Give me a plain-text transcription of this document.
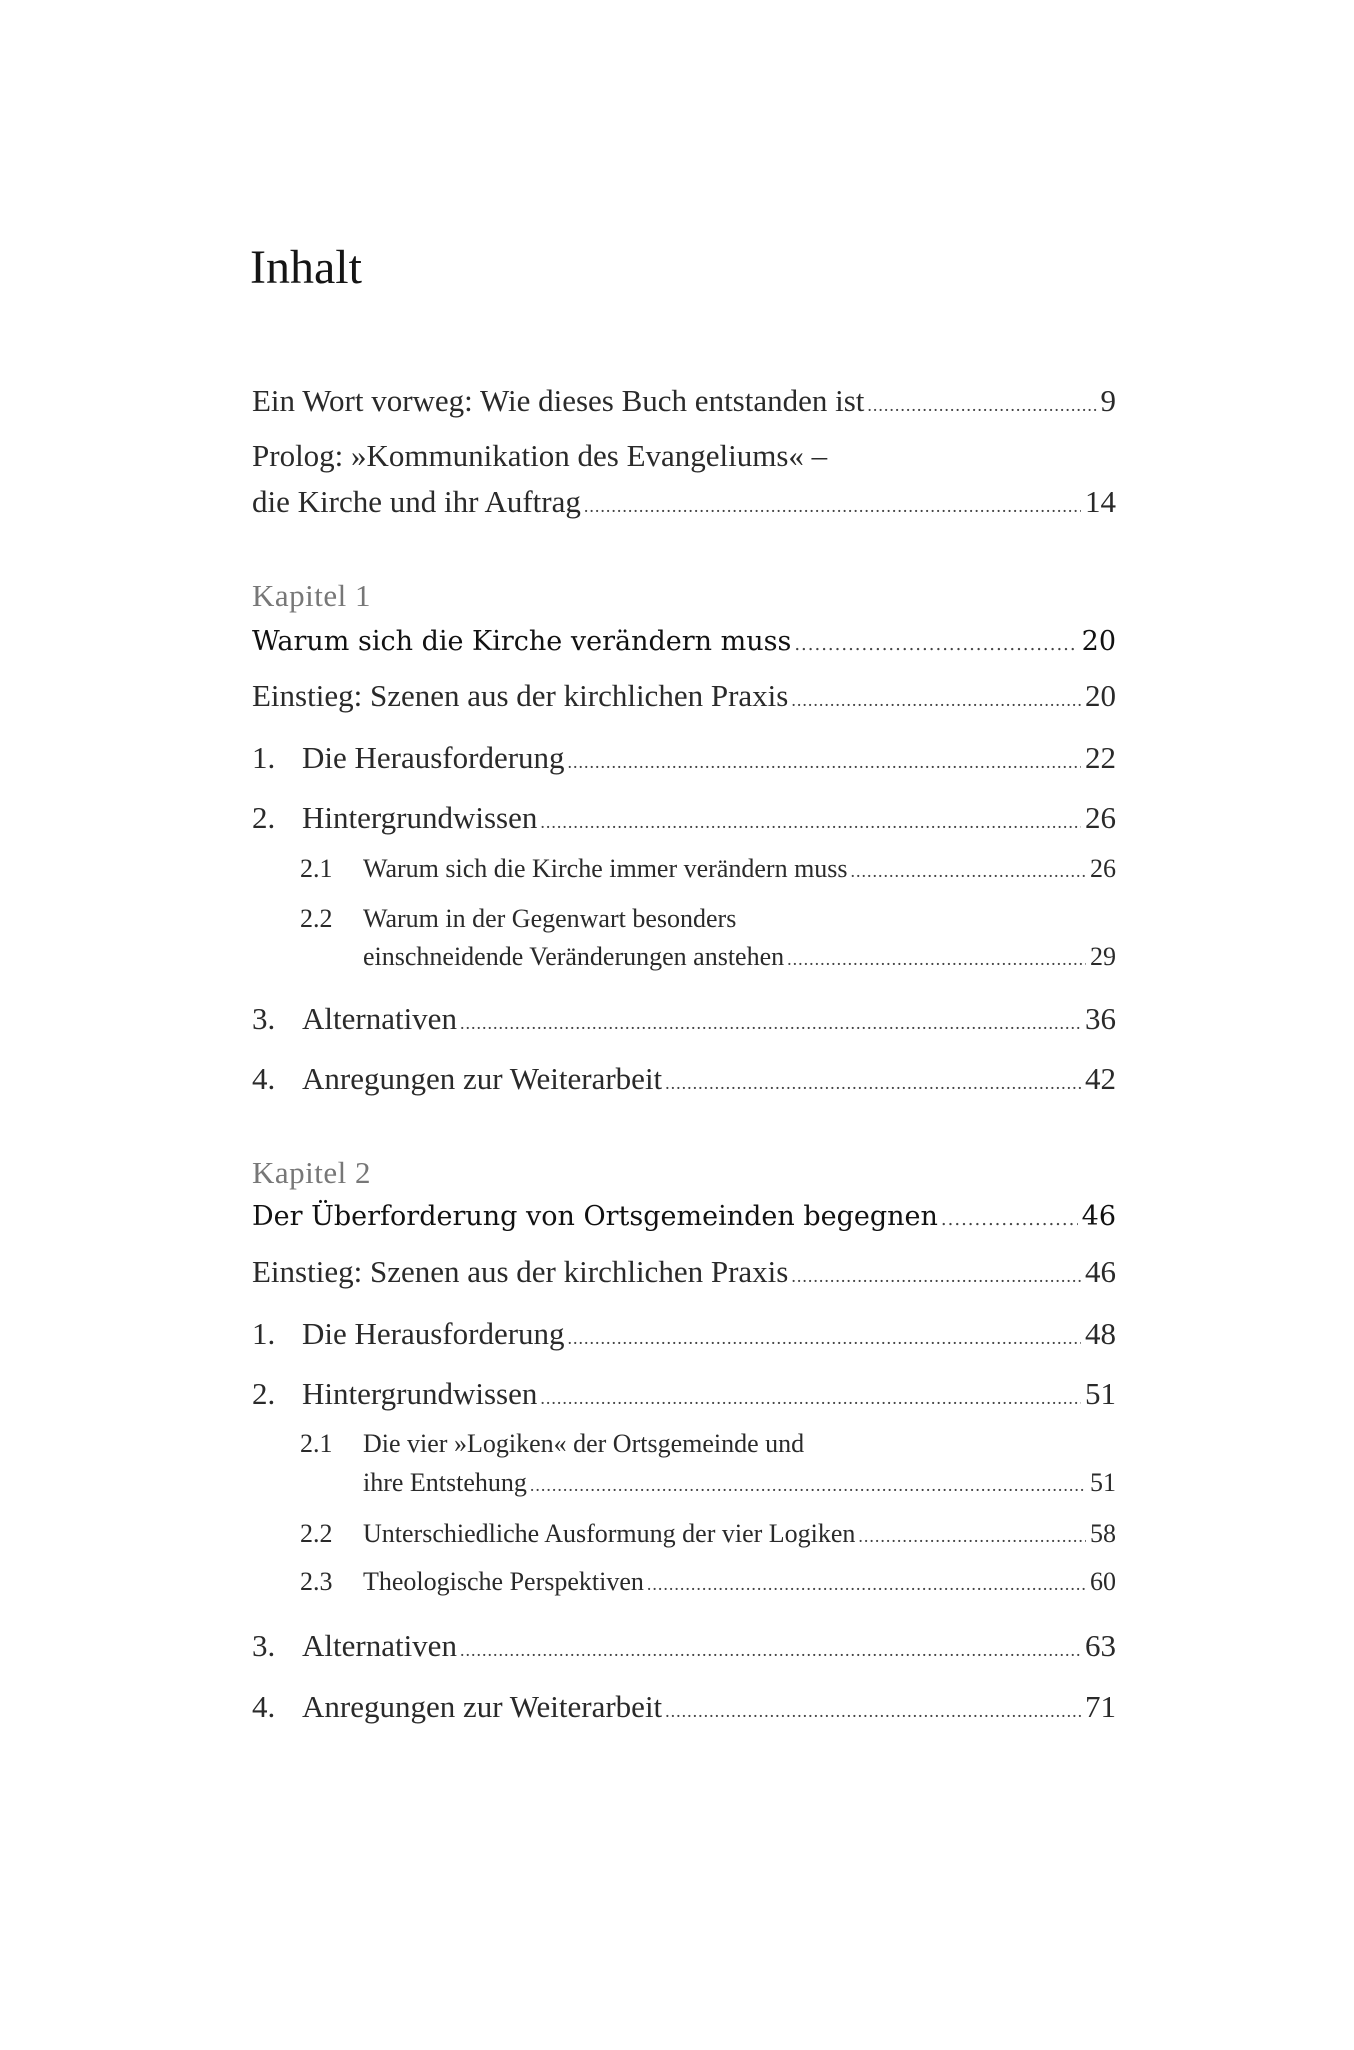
Inhalt
Ein Wort vorweg: Wie dieses Buch entstanden ist .....	9
Prolog: »Kommunikation des Evangeliums« –
die Kirche und ihr Auftrag .....	14
Kapitel 1
Warum sich die Kirche verändern muss .....	20
Einstieg: Szenen aus der kirchlichen Praxis .....	20
1. Die Herausforderung .....	22
2. Hintergrundwissen .....	26
2.1	Warum sich die Kirche immer verändern muss .....	26
2.2	Warum in der Gegenwart besonders
einschneidende Veränderungen anstehen .....	29
3. Alternativen .....	36
4. Anregungen zur Weiterarbeit .....	42
Kapitel 2
Der Überforderung von Ortsgemeinden begegnen .....	46
Einstieg: Szenen aus der kirchlichen Praxis .....	46
1. Die Herausforderung .....	48
2. Hintergrundwissen .....	51
2.1	Die vier »Logiken« der Ortsgemeinde und
ihre Entstehung .....	51
2.2	Unterschiedliche Ausformung der vier Logiken .....	58
2.3	Theologische Perspektiven .....	60
3. Alternativen .....	63
4. Anregungen zur Weiterarbeit .....	71
